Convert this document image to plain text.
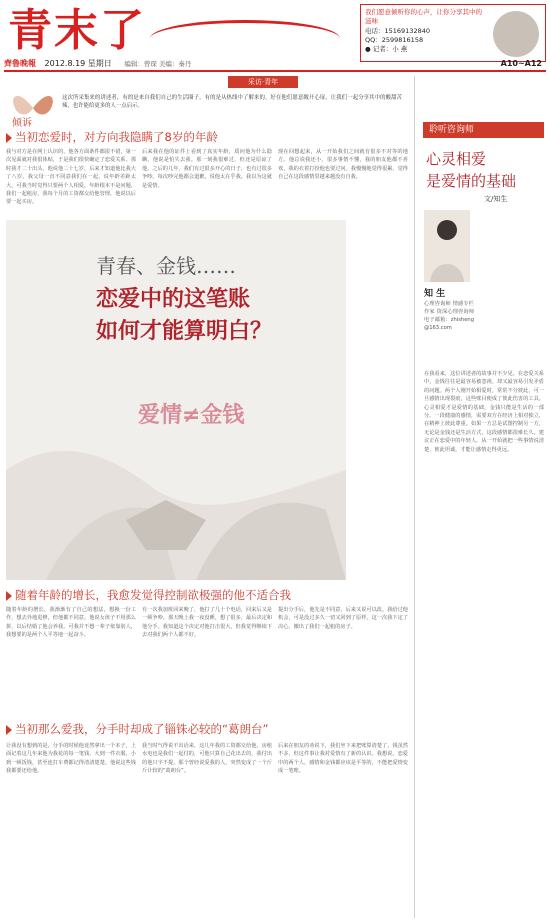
青末了	我们愿意倾听你的心声，让你分享其中的滋味
电话：15169132840
QQ：2599816158
● 记者：小 燕
齊鲁晚報 2012.8.19 星期日 编辑：曾琛 美编：秦丹	A10~A12
采访·青年
倾诉
这次所采集来的讲述者，有的是来自我们自己的生活圈子，有的是从热线中了解来的。好在他们愿意敞开心扉，让我们一起分享其中的酸甜苦辣，也许能给更多的人一点启示。
当初恋爱时，对方向我隐瞒了8岁的年龄
我与对方是在网上认识的，他各方面条件都很不错，第一次见面就对我很体贴，于是我们很快确定了恋爱关系。那时我才二十出头，他说他二十七岁，后来才知道他比我大了八岁。我父母一直不同意我们在一起，说年龄差距太大，可我当时觉得只要两个人相爱，年龄根本不是问题。我们一起租房，我每个月的工资都交给他管理，他说以后要一起买房。
后来我在他的证件上看到了真实年龄，质问他为什么隐瞒，他说是怕失去我。那一刻我很难过，但还是原谅了他。之后的几年，我们有过很多开心的日子，也有过很多争吵。每次吵完他都会道歉，说他太在乎我。我以为这就是爱情。
现在回想起来，从一开始我们之间就有很多不对等的地方。他总说我还小，很多事情不懂，我的朋友他都不喜欢，我的衣着打扮他也要过问。我慢慢地觉得很累，觉得自己在这段感情里越来越没有自我。
青春、金钱……
恋爱中的这笔账
如何才能算明白？
爱情≠金钱
随着年龄的增长，我愈发觉得控制欲极强的他不适合我
随着年龄的增长，我渐渐有了自己的想法，想换一份工作，想去外地进修，但他都不同意。他说女孩子不用那么拼，以后结婚了他会养我。可我并不想一辈子依靠别人，我想要的是两个人平等地一起奋斗。
有一次我加班回来晚了，他打了几十个电话，回来后又是一顿争吵。那天晚上我一夜没睡，想了很多，最后决定和他分手。我知道这个决定对他打击很大，但我觉得继续下去对我们两个人都不好。
提出分手后，他先是不同意，后来又说可以改。我给过他机会，可是没过多久一切又回到了原样。这一次我下定了决心，搬出了我们一起租的房子。
当初那么爱我，分手时却成了锱铢必较的“葛朗台”
让我没有想到的是，分手的时候他竟然拿出一个本子，上面记着这几年来他为我花的每一笔钱，大到一件衣服，小到一顿饭钱，甚至连打车费都记得清清楚楚。他说这些钱我都要还给他。
我当时气得说不出话来，这几年我的工资都交给他，房租水电也是我们一起付的，可他只算自己花出去的，我付出的他只字不提。那个曾经说爱我的人，突然变成了一个斤斤计较的“葛朗台”。
后来在朋友的劝说下，我们坐下来把账算清楚了。钱虽然不多，但这件事让我对爱情有了新的认识。我想说，恋爱中的两个人，感情和金钱都应该是平等的，不能把爱情变成一笔账。
聆听咨询师
心灵相爱
是爱情的基础
文/知生
知 生
心理咨询师 情感专栏作家 资深心理咨询师 电子邮箱：zhisheng@163.com
在我看来，这位讲述者的故事并不少见。在恋爱关系中，金钱往往是最容易被忽视、却又最容易引发矛盾的问题。两个人刚开始相爱时，常常不分彼此，可一旦感情出现裂痕，这些账目便成了彼此伤害的工具。心灵相爱才是爱情的基础，金钱只能是生活的一部分。一段健康的感情，需要双方在经济上相对独立，在精神上彼此尊重。如果一方总是试图控制另一方，无论是金钱还是生活方式，这段感情都很难长久。建议正在恋爱中的年轻人，从一开始就把一些事情说清楚，彼此坦诚，才能让感情走得更远。
